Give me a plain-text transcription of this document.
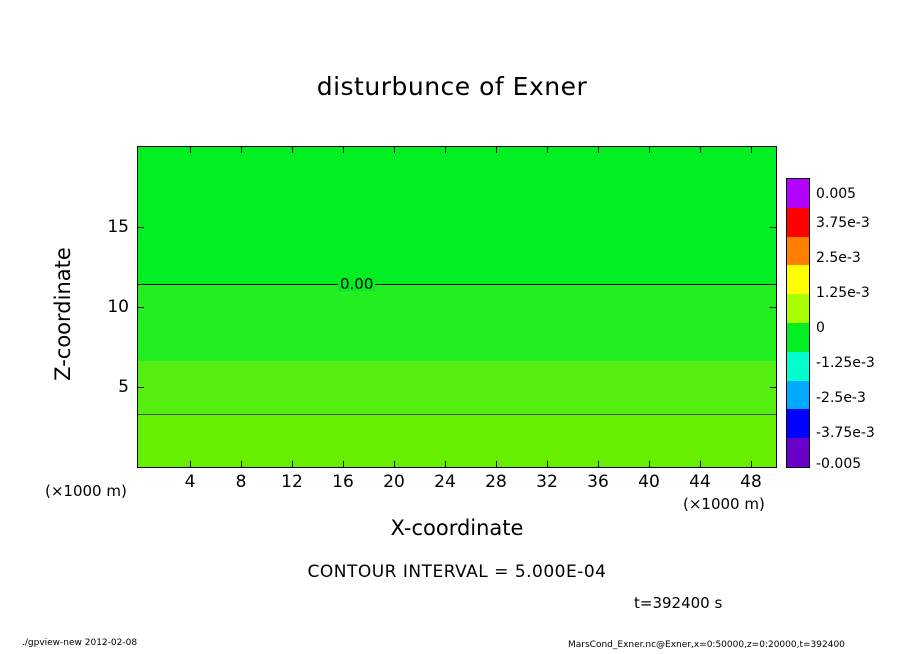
disturbunce of Exner
0.00
4	8	12	16	20	24	28	32	36	40	44	48
5
10
15
X-coordinate
Z-coordinate
(×1000 m)
(×1000 m)
CONTOUR INTERVAL = 5.000E-04
t=392400 s
0.005
3.75e-3
2.5e-3
1.25e-3
0
-1.25e-3
-2.5e-3
-3.75e-3
-0.005
./gpview-new 2012-02-08	MarsCond_Exner.nc@Exner,x=0:50000,z=0:20000,t=392400
